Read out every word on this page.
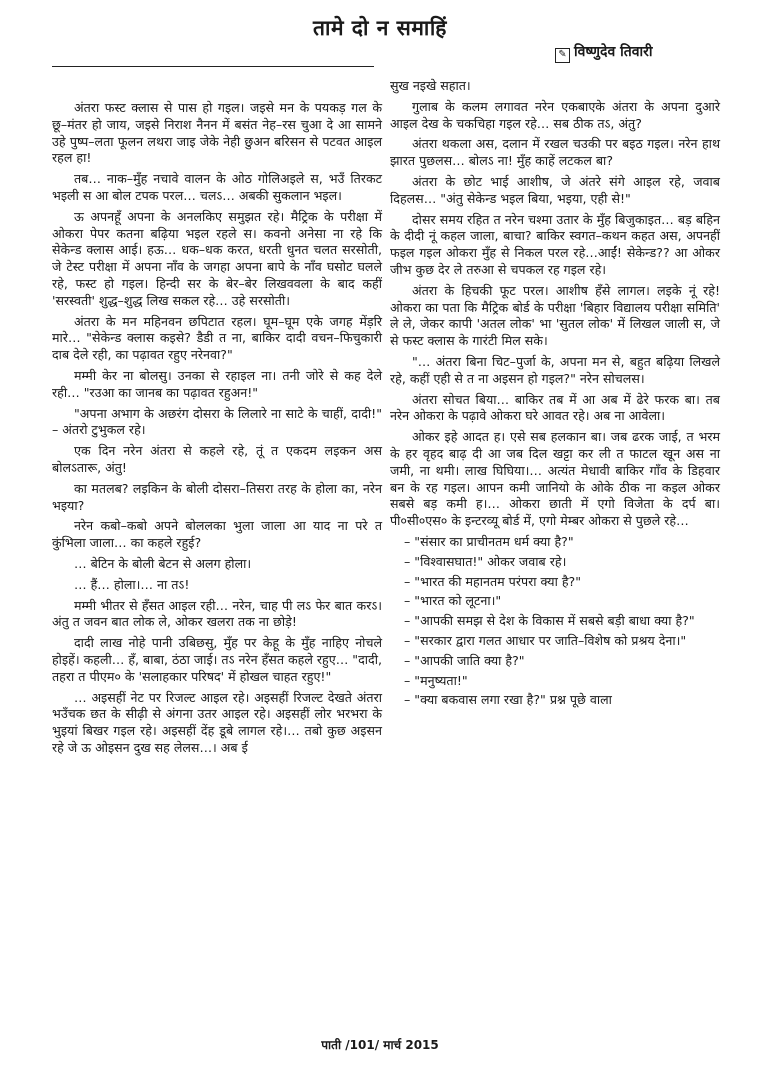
तामे दो न समाहिं
✎ विष्णुदेव तिवारी

अंतरा फस्ट क्लास से पास हो गइल। जइसे मन के पयकड़ गल के छू–मंतर हो जाय, जइसे निराश नैनन में बसंत नेह–रस चुआ दे आ सामने उहे पुष्प–लता फूलन लथरा जाइ जेके नेही छुअन बरिसन से पटवत आइल रहल हा!

तब… नाक–मुँह नचावे वालन के ओठ गोलिअइले स, भउँ तिरकट भइली स आ बोल टपक परल… चलऽ… अबकी सुकलान भइल।

ऊ अपनहूँ अपना के अनलकिए समुझत रहे। मैट्रिक के परीक्षा में ओकरा पेपर कतना बढ़िया भइल रहले स। कवनो अनेसा ना रहे कि सेकेन्ड क्लास आई। हऊ… धक–धक करत, धरती धुनत चलत सरसोती, जे टेस्ट परीक्षा में अपना नाँव के जगहा अपना बापे के नाँव घसोट घलले रहे, फस्ट हो गइल। हिन्दी सर के बेर–बेर लिखववला के बाद कहीं 'सरस्वती' शुद्ध–शुद्ध लिख सकल रहे… उहे सरसोती।

अंतरा के मन महिनवन छपिटात रहल। घूम–घूम एके जगह मेंड़रि मारे… "सेकेन्ड क्लास कइसे? डैडी त ना, बाकिर दादी वचन–फिचुकारी दाब देले रही, का पढ़ावत रहुए नरेनवा?"

मम्मी केर ना बोलसु। उनका से रहाइल ना। तनी जोरे से कह देले रही… "रउआ का जानब का पढ़ावत रहुअन!"

"अपना अभाग के अछरंग दोसरा के लिलारे ना साटे के चाहीं, दादी!" – अंतरो टुभुकल रहे।

एक दिन नरेन अंतरा से कहले रहे, तूं त एकदम लइकन अस बोलऽतारू, अंतु!

का मतलब? लइकिन के बोली दोसरा–तिसरा तरह के होला का, नरेन भइया?

नरेन कबो–कबो अपने बोललका भुला जाला आ याद ना परे त कुंभिला जाला… का कहले रहुई?

… बेटिन के बोली बेटन से अलग होला।

… हैं… होला।… ना तऽ!

मम्मी भीतर से हँसत आइल रही… नरेन, चाह पी लऽ फेर बात करऽ। अंतु त जवन बात लोक ले, ओकर खलरा तक ना छोड़े!

दादी लाख नोहे पानी उबिछसु, मुँह पर केहू के मुँह नाहिए नोचले होइहें। कहली… हँ, बाबा, ठंठा जाई। तऽ नरेन हँसत कहले रहुए… "दादी, तहरा त पीएम० के 'सलाहकार परिषद' में होखल चाहत रहुए!"

… अइसहीं नेट पर रिजल्ट आइल रहे। अइसहीं रिजल्ट देखते अंतरा भउँचक छत के सीढ़ी से अंगना उतर आइल रहे। अइसहीं लोर भरभरा के भुइयां बिखर गइल रहे। अइसहीं देंह डूबे लागल रहे।… तबो कुछ अइसन रहे जे ऊ ओइसन दुख सह लेलस…। अब ई

सुख नइखे सहात।

गुलाब के कलम लगावत नरेन एकबाएके अंतरा के अपना दुआरे आइल देख के चकचिहा गइल रहे… सब ठीक तऽ, अंतु?

अंतरा थकला अस, दलान में रखल चउकी पर बइठ गइल। नरेन हाथ झारत पुछलस… बोलऽ ना! मुँह काहें लटकल बा?

अंतरा के छोट भाई आशीष, जे अंतरे संगे आइल रहे, जवाब दिहलस… "अंतु सेकेन्ड भइल बिया, भइया, एही से!"

दोसर समय रहित त नरेन चश्मा उतार के मुँह बिजुकाइत… बड़ बहिन के दीदी नूं कहल जाला, बाचा? बाकिर स्वगत–कथन कहत अस, अपनहीं फइल गइल ओकरा मुँह से निकल परल रहे…आईं! सेकेन्ड?? आ ओकर जीभ कुछ देर ले तरुआ से चपकल रह गइल रहे।

अंतरा के हिचकी फूट परल। आशीष हँसे लागल। लइके नूं रहे! ओकरा का पता कि मैट्रिक बोर्ड के परीक्षा 'बिहार विद्यालय परीक्षा समिति' ले ले, जेकर कापी 'अतल लोक' भा 'सुतल लोक' में लिखल जाली स, जे से फस्ट क्लास के गारंटी मिल सके।

"… अंतरा बिना चिट–पुर्जा के, अपना मन से, बहुत बढ़िया लिखले रहे, कहीं एही से त ना अइसन हो गइल?" नरेन सोचलस।

अंतरा सोचत बिया… बाकिर तब में आ अब में ढेरे फरक बा। तब नरेन ओकरा के पढ़ावे ओकरा घरे आवत रहे। अब ना आवेला।

ओकर इहे आदत ह। एसे सब हलकान बा। जब ढरक जाई, त भरम के हर वृहद बाढ़ दी आ जब दिल खट्टा कर ली त फाटल खून अस ना जमी, ना थमी। लाख घिघिया।… अत्यंत मेधावी बाकिर गाँव के डिहवार बन के रह गइल। आपन कमी जानियो के ओके ठीक ना कइल ओकर सबसे बड़ कमी ह।… ओकरा छाती में एगो विजेता के दर्प बा। पी०सी०एस० के इन्टरव्यू बोर्ड में, एगो मेम्बर ओकरा से पुछले रहे…

– "संसार का प्राचीनतम धर्म क्या है?"

– "विश्वासघात!" ओकर जवाब रहे।

– "भारत की महानतम परंपरा क्या है?"

– "भारत को लूटना।"

– "आपकी समझ से देश के विकास में सबसे बड़ी बाधा क्या है?"

– "सरकार द्वारा गलत आधार पर जाति–विशेष को प्रश्रय देना।"

– "आपकी जाति क्या है?"

– "मनुष्यता!"

– "क्या बकवास लगा रखा है?" प्रश्न पूछे वाला

पाती /101/ मार्च 2015
